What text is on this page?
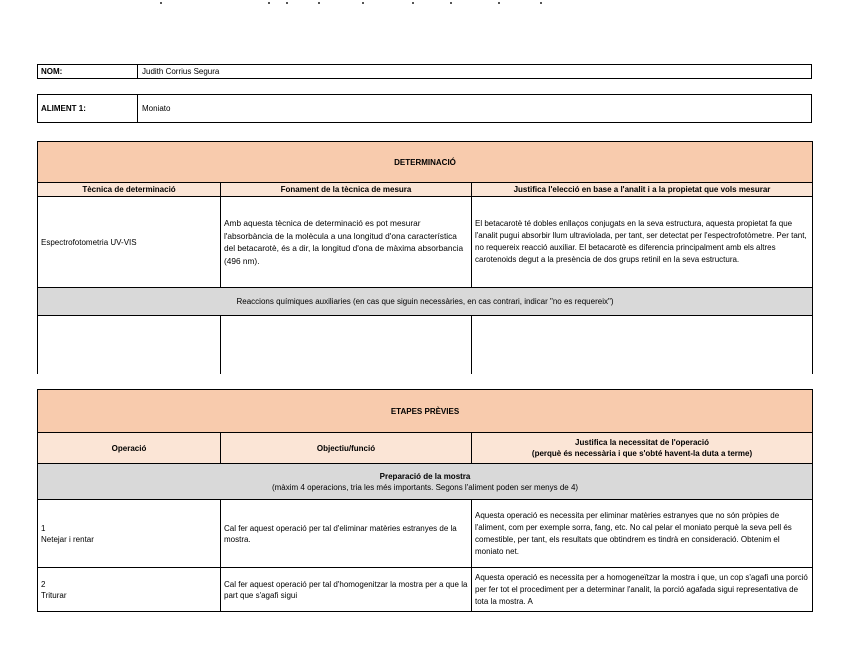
NOM:	Judith Corrius Segura
ALIMENT 1:	Moniato
DETERMINACIÓ		
Tècnica de determinació	Fonament de la tècnica de mesura	Justifica l'elecció en base a l'analit i a la propietat que vols mesurar
Espectrofotometria UV-VIS	Amb aquesta tècnica de determinació es pot mesurar l'absorbància de la molècula a una longitud d'ona característica del betacarotè, és a dir, la longitud d'ona de màxima absorbancia (496 nm).	El betacarotè té dobles enllaços conjugats en la seva estructura, aquesta propietat fa que l'analit pugui absorbir llum ultraviolada, per tant, ser detectat per l'espectrofotòmetre. Per tant, no requereix reacció auxiliar. El betacarotè es diferencia principalment amb els altres carotenoids degut a la presència de dos grups retinil en la seva estructura.
Reaccions químiques auxiliaries (en cas que siguin necessàries, en cas contrari, indicar "no es requereix")		

ETAPES PRÈVIES		
Operació	Objectiu/funció	Justifica la necessitat de l'operació
(perquè és necessària i que s'obté havent-la duta a terme)

Preparació de la mostra
(màxim 4 operacions, tria les més importants. Segons l'aliment poden ser menys de 4)		

1
Netejar i rentar	Cal fer aquest operació per tal d'eliminar matèries estranyes de la mostra.	Aquesta operació es necessita per eliminar matèries estranyes que no són pròpies de l'aliment, com per exemple sorra, fang, etc. No cal pelar el moniato perquè la seva pell és comestible, per tant, els resultats que obtindrem es tindrà en consideració. Obtenim el moniato net.

2
Triturar	Cal fer aquest operació per tal d'homogenitzar la mostra per a que la part que s'agafi sigui	Aquesta operació es necessita per a homogeneïtzar la mostra i que, un cop s'agafi una porció per fer tot el procediment per a determinar l'analit, la porció agafada sigui representativa de tota la mostra. A
